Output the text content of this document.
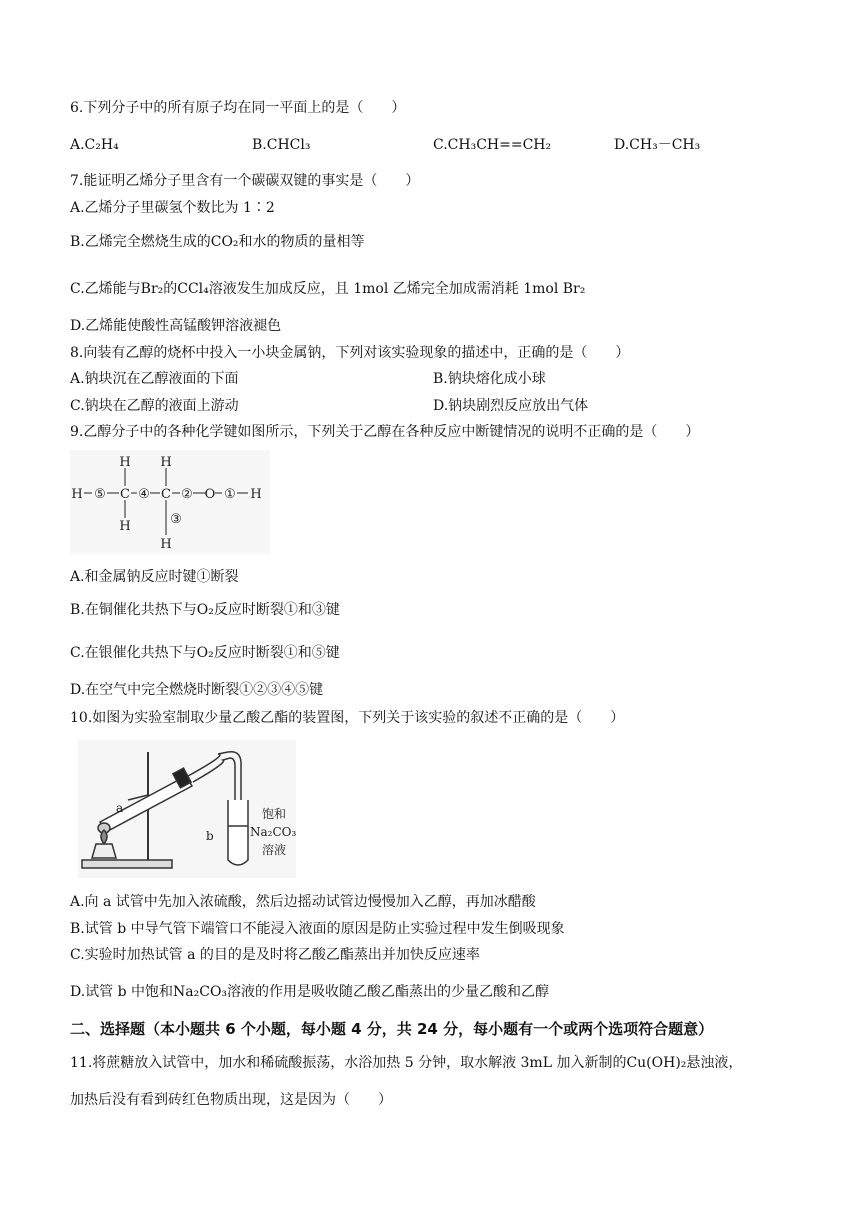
6.下列分子中的所有原子均在同一平面上的是（　　）
A.C₂H₄	B.CHCl₃	C.CH₃CH==CH₂	D.CH₃－CH₃
7.能证明乙烯分子里含有一个碳碳双键的事实是（　　）
A.乙烯分子里碳氢个数比为 1∶2
B.乙烯完全燃烧生成的CO₂和水的物质的量相等
C.乙烯能与Br₂的CCl₄溶液发生加成反应，且 1mol 乙烯完全加成需消耗 1mol Br₂
D.乙烯能使酸性高锰酸钾溶液褪色
8.向装有乙醇的烧杯中投入一小块金属钠，下列对该实验现象的描述中，正确的是（　　）
A.钠块沉在乙醇液面的下面	B.钠块熔化成小球
C.钠块在乙醇的液面上游动	D.钠块剧烈反应放出气体
9.乙醇分子中的各种化学键如图所示，下列关于乙醇在各种反应中断键情况的说明不正确的是（　　）
H	C C	O	H
H H
H
H
⑤ ④ ② ①
③
A.和金属钠反应时键①断裂
B.在铜催化共热下与O₂反应时断裂①和③键
C.在银催化共热下与O₂反应时断裂①和⑤键
D.在空气中完全燃烧时断裂①②③④⑤键
10.如图为实验室制取少量乙酸乙酯的装置图，下列关于该实验的叙述不正确的是（　　）
a
b
饱和
Na₂CO₃
溶液
A.向 a 试管中先加入浓硫酸，然后边摇动试管边慢慢加入乙醇，再加冰醋酸
B.试管 b 中导气管下端管口不能浸入液面的原因是防止实验过程中发生倒吸现象
C.实验时加热试管 a 的目的是及时将乙酸乙酯蒸出并加快反应速率
D.试管 b 中饱和Na₂CO₃溶液的作用是吸收随乙酸乙酯蒸出的少量乙酸和乙醇
二、选择题（本小题共 6 个小题，每小题 4 分，共 24 分，每小题有一个或两个选项符合题意）
11.将蔗糖放入试管中，加水和稀硫酸振荡，水浴加热 5 分钟，取水解液 3mL 加入新制的Cu(OH)₂悬浊液，
加热后没有看到砖红色物质出现，这是因为（　　）
